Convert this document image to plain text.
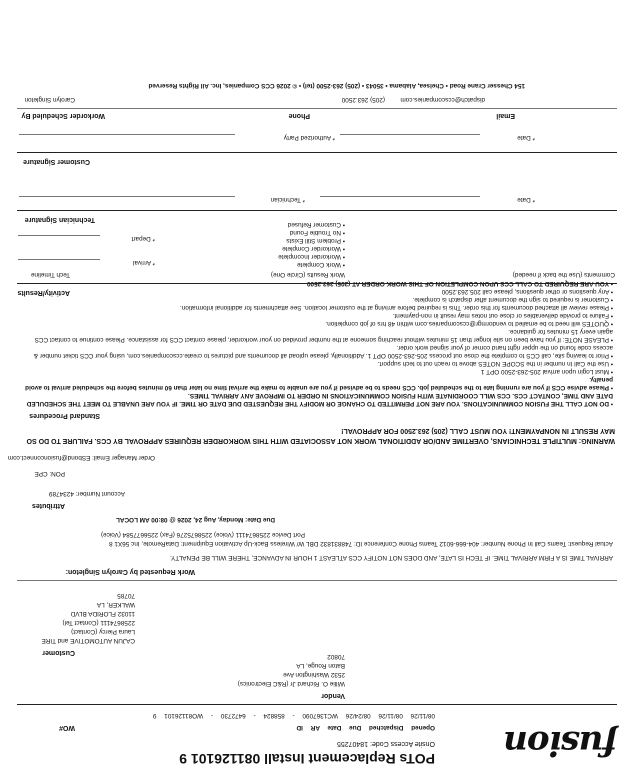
fusion
POTs Replacement Install 081126101 9
Onsite Access Code: 18407255
WO#	Opened Dispatched Due Date AR ID
08/11/26 08/11/26 08/24/26 WC1367090 - 858824 - 6472730 - WO81126101 9
Vendor
Willie O. Richard Jr (R&C Electronics)
2532 Washington Ave
Baton Rouge, LA
70802
Customer
CAJUN AUTOMOTIVE and TIRE
Laura Piercy (Contact)
2258674111 (Contact Tel)
11032 FLORIDA BLVD
WALKER, LA
70785
Work Requested by Carolyn Singleton:
ARRIVAL TIME IS A FIRM ARRIVAL TIME. IF TECH IS LATE, AND DOES NOT NOTIFY CCS ATLEAST 1 HOUR IN ADVANCE, THERE WILL BE PENALTY.
Actual Request: Teams Call In Phone Number: 404-666-6012 Teams Phone Conference ID: 748831832 DBL W/ Wireless Back-Up Activation Equipment: DataRemote, Inc 56X1 8
Port Device 2258674111 (Voice) 2258675276 (Fax) 2256677584 (Voice)
Due Date: Monday, Aug 24, 2026 @ 08:00 AM LOCAL
Attributes
Account Number: 4234789
PON: CPE
Order Manager Email: ESbond@fusionconnect.com
WARNING: MULTIPLE TECHNICIANS, OVERTIME AND/OR ADDITIONAL WORK NOT ASSOCIATED WITH THIS WORKORDER REQUIRES APPROVAL BY CCS. FAILURE TO DO SO MAY RESULT IN NONPAYMENT! YOU MUST CALL (205) 263.2500 FOR APPROVAL!
Standard Procedures
• DO NOT CALL THE FUSION COMMUNICATIONS. YOU ARE NOT PERMITTED TO CHANGE OR MODIFY THE REQUESTED DUE DATE OR TIME. IF YOU ARE UNABLE TO MEET THE SCHEDULED DATE AND TIME, CONTACT CCS. CCS WILL COORDINATE WITH FUSION COMMUNICATIONS IN ORDER TO IMPROVE ANY ARRIVAL TIMES.
• Please advise CCS if you are running late to the scheduled job. CCS needs to be advised if you are unable to make the arrival time no later than 60 minutes before the scheduled arrival to avoid penalty.
• Must Login upon arrival 205-263-2500 OPT 1
• Use the Call In number in the SCOPE NOTES above to reach out to tech support.
• Prior to leaving site, call CCS to complete the close out process 205-263-2500 OPT 1. Additionally, please upload all documents and pictures to create.ccscompanies.com, using your CCS ticket number & access code found on the upper right hand corner of your signed work order.
• PLEASE NOTE: If you have been on site longer than 15 minutes without reaching someone at the number provided on your workorder, please contact CCS for assistance. Please continue to contact CCS again every 15 minutes for guidance.
• QUOTES will need to be emailed to vendormgr@ccscompanies.com within 48 hrs of job completion.
• Failure to provide deliverables or close out notes may result in non-payment.
• Please review all attached documents for this order. This is required before arriving at the customer location. See attachments for additional information.
• Customer is required to sign the document after dispatch is complete.
• Any questions or other questions, please call 205.263.2500
• YOU ARE REQUIRED TO CALL CCS UPON COMPLETION OF THIS WORK ORDER AT (205) 263.2500
Activity/Results
Tech Timeline	Work Results (Circle One)	Comments (Use the back if needed)
• Work Complete
• Workorder Incomplete
• Workorder Complete
• Problem Still Exists
• No Trouble Found
• Customer Refused
* Arrival
* Depart
Technician Signature
* Technician	* Date
Customer Signature
* Authorized Party	* Date
Workorder Scheduled By	Phone	Email
Carolyn Singleton	(205) 263.2500 dispatch@ccscompanies.com
154 Chesser Crane Road • Chelsea, Alabama • 35043 • (205) 263-2500 (tel) • © 2026 CCS Companies, Inc. All Rights Reserved
